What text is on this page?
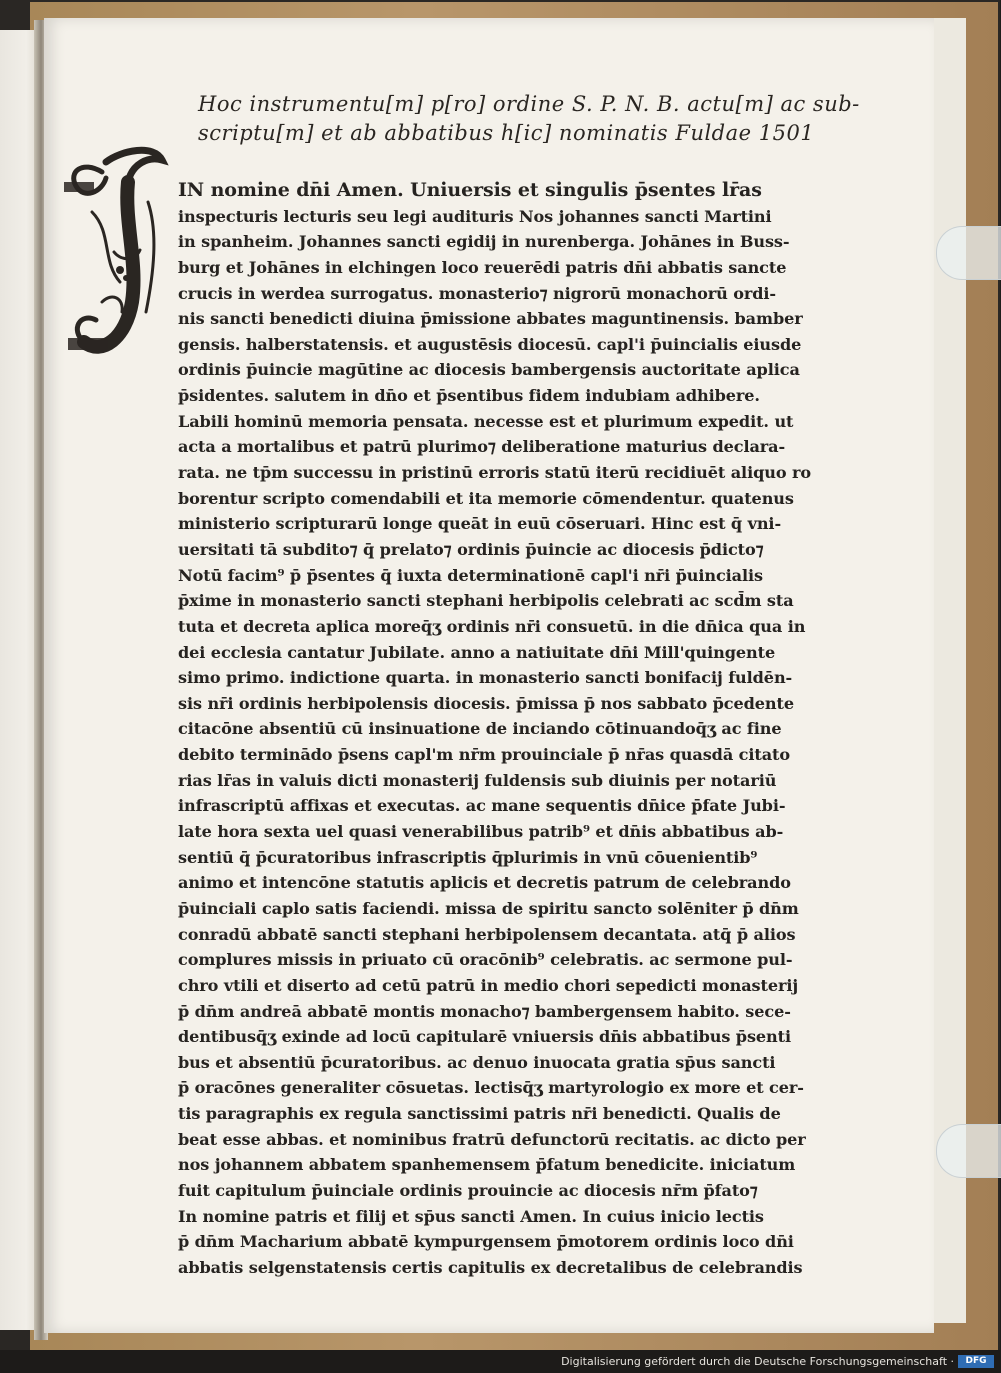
Hoc instrumentu[m] p[ro] ordine S. P. N. B. actu[m] ac sub-
scriptu[m] et ab abbatibus h[ic] nominatis Fuldae 1501
IN nomine dn̄i Amen. Uniuersis et singulis p̄sentes lr̄as
inspecturis lecturis seu legi audituris Nos johannes sancti Martini
in spanheim. Johannes sancti egidij in nurenberga. Johānes in Buss-
burg et Johānes in elchingen loco reuerēdi patris dn̄i abbatis sancte
crucis in werdea surrogatus. monasterio⁊ nigrorū monachorū ordi-
nis sancti benedicti diuina p̄missione abbates maguntinensis. bamber
gensis. halberstatensis. et augustēsis diocesū. capl'i p̄uincialis eiusde
ordinis p̄uincie magūtine ac diocesis bambergensis auctoritate aplica
p̄sidentes. salutem in dn̄o et p̄sentibus fidem indubiam adhibere.
Labili hominū memoria pensata. necesse est et plurimum expedit. ut
acta a mortalibus et patrū plurimo⁊ deliberatione maturius declara-
rata. ne tp̄m successu in pristinū erroris statū iterū recidiuēt aliquo ro
borentur scripto comendabili et ita memorie cōmendentur. quatenus
ministerio scripturarū longe queāt in euū cōseruari. Hinc est q̄ vni-
uersitati tā subdito⁊ q̄ prelato⁊ ordinis p̄uincie ac diocesis p̄dicto⁊
Notū facim⁹ p̄ p̄sentes q̄ iuxta determinationē capl'i nr̄i p̄uincialis
p̄xime in monasterio sancti stephani herbipolis celebrati ac scd̄m sta
tuta et decreta aplica moreq̄ʒ ordinis nr̄i consuetū. in die dn̄ica qua in
dei ecclesia cantatur Jubilate. anno a natiuitate dn̄i Mill'quingente
simo primo. indictione quarta. in monasterio sancti bonifacij fuldēn-
sis nr̄i ordinis herbipolensis diocesis. p̄missa p̄ nos sabbato p̄cedente
citacōne absentiū cū insinuatione de inciando cōtinuandoq̄ʒ ac fine
debito terminādo p̄sens capl'm nr̄m prouinciale p̄ nr̄as quasdā citato
rias lr̄as in valuis dicti monasterij fuldensis sub diuinis per notariū
infrascriptū affixas et executas. ac mane sequentis dn̄ice p̄fate Jubi-
late hora sexta uel quasi venerabilibus patrib⁹ et dn̄is abbatibus ab-
sentiū q̄ p̄curatoribus infrascriptis q̄plurimis in vnū cōuenientib⁹
animo et intencōne statutis aplicis et decretis patrum de celebrando
p̄uinciali caplo satis faciendi. missa de spiritu sancto solēniter p̄ dn̄m
conradū abbatē sancti stephani herbipolensem decantata. atq̄ p̄ alios
complures missis in priuato cū oracōnib⁹ celebratis. ac sermone pul-
chro vtili et diserto ad cetū patrū in medio chori sepedicti monasterij
p̄ dn̄m andreā abbatē montis monacho⁊ bambergensem habito. sece-
dentibusq̄ʒ exinde ad locū capitularē vniuersis dn̄is abbatibus p̄senti
bus et absentiū p̄curatoribus. ac denuo inuocata gratia sp̄us sancti
p̄ oracōnes generaliter cōsuetas. lectisq̄ʒ martyrologio ex more et cer-
tis paragraphis ex regula sanctissimi patris nr̄i benedicti. Qualis de
beat esse abbas. et nominibus fratrū defunctorū recitatis. ac dicto per
nos johannem abbatem spanhemensem p̄fatum benedicite. iniciatum
fuit capitulum p̄uinciale ordinis prouincie ac diocesis nr̄m p̄fato⁊
In nomine patris et filij et sp̄us sancti Amen. In cuius inicio lectis
p̄ dn̄m Macharium abbatē kympurgensem p̄motorem ordinis loco dn̄i
abbatis selgenstatensis certis capitulis ex decretalibus de celebrandis
Digitalisierung gefördert durch die Deutsche Forschungsgemeinschaft ·	DFG
